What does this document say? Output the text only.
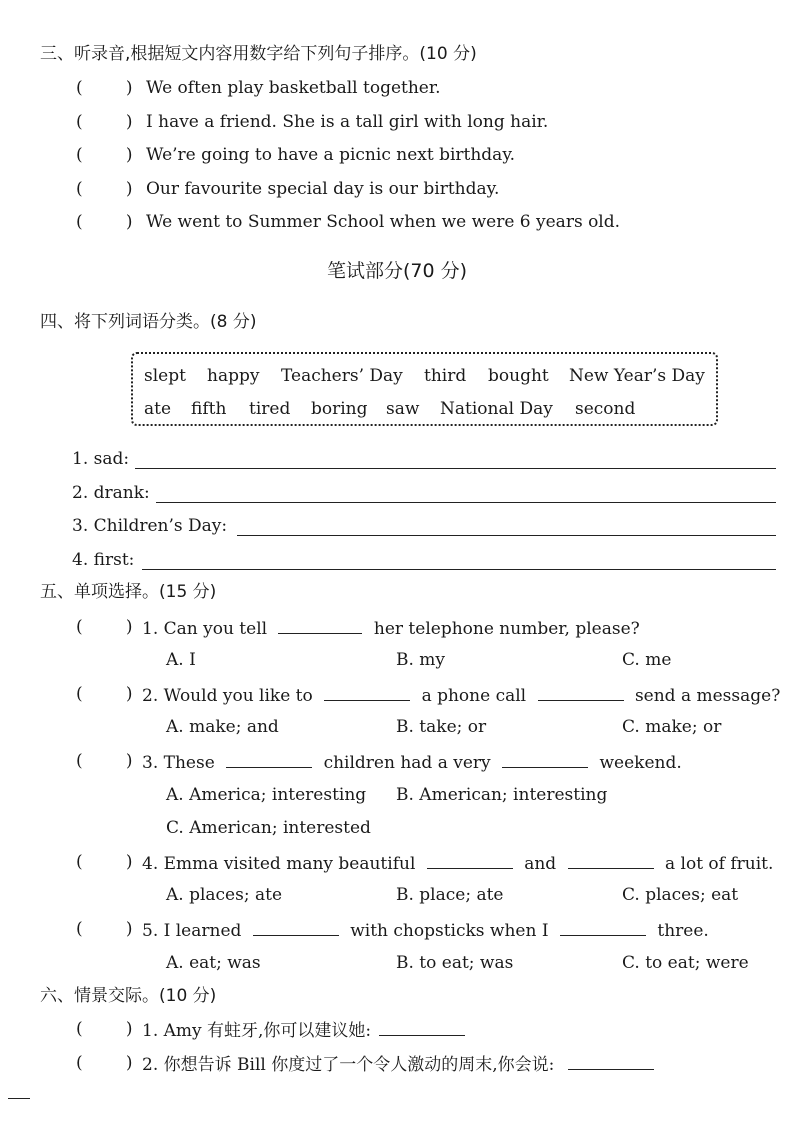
三、听录音,根据短文内容用数字给下列句子排序。(10 分)
(        ) We often play basketball together.
(        ) I have a friend. She is a tall girl with long hair.
(        ) We’re going to have a picnic next birthday.
(        ) Our favourite special day is our birthday.
(        ) We went to Summer School when we were 6 years old.
笔试部分(70 分)
四、将下列词语分类。(8 分)
slept happy Teachers’ Day third bought New Year’s Day
ate fifth tired boring saw National Day second
1. sad:
2. drank:
3. Children’s Day:
4. first:
五、单项选择。(15 分)
(        ) 1. Can you tell	her telephone number, please?
A. I	B. my	C. me
(        ) 2. Would you like to	a phone call	send a message?
A. make; and	B. take; or	C. make; or
(        ) 3. These	children had a very	weekend.
A. America; interesting B. American; interesting
C. American; interested
(        ) 4. Emma visited many beautiful	and	a lot of fruit.
A. places; ate	B. place; ate	C. places; eat
(        ) 5. I learned	with chopsticks when I	three.
A. eat; was	B. to eat; was	C. to eat; were
六、情景交际。(10 分)
(        ) 1. Amy 有蛀牙,你可以建议她:
(        ) 2. 你想告诉 Bill 你度过了一个令人激动的周末,你会说:
